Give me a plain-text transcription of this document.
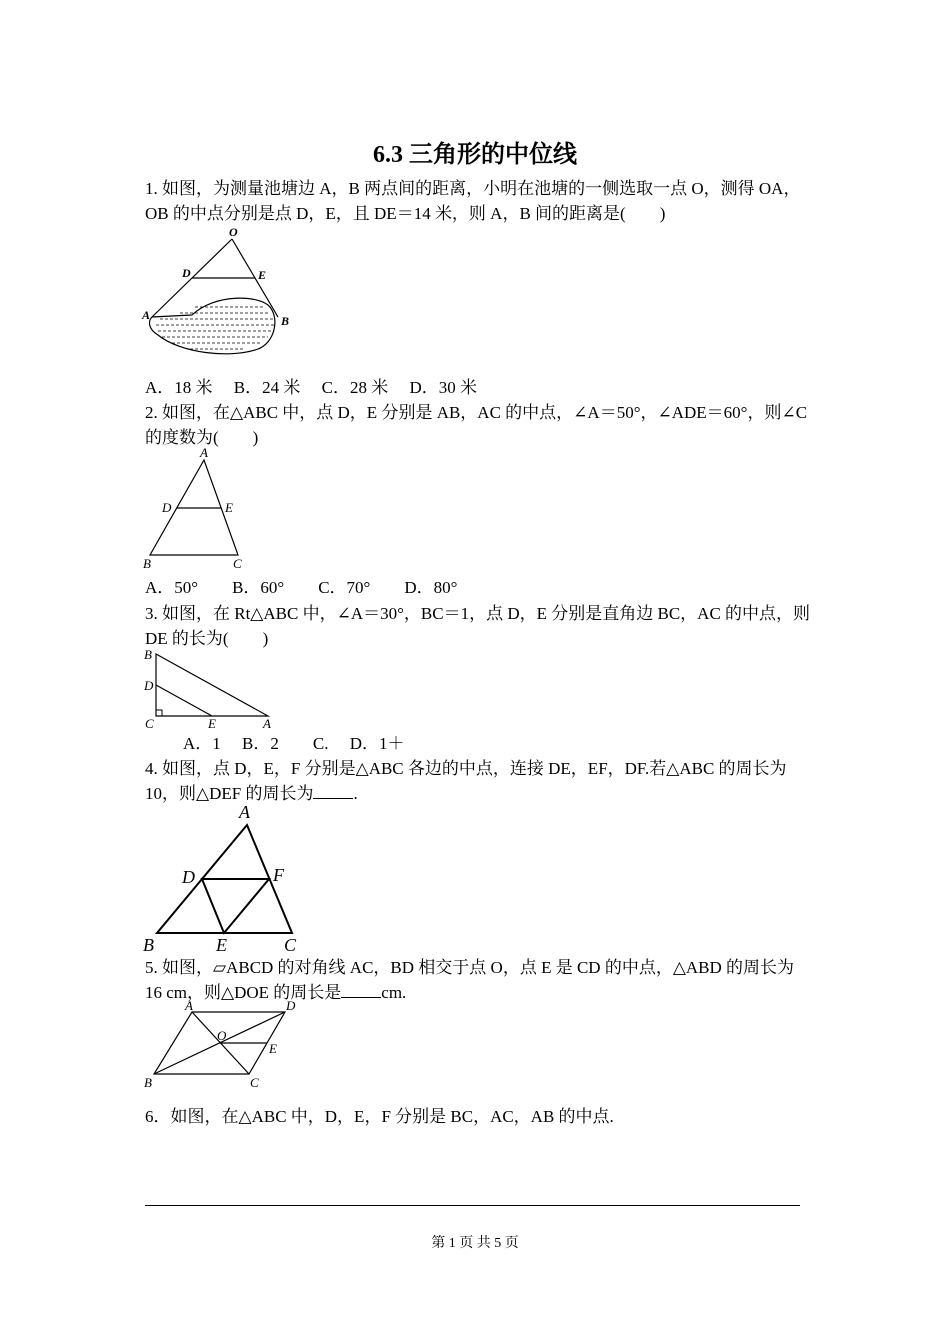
6.3 三角形的中位线
1. 如图，为测量池塘边 A，B 两点间的距离，小明在池塘的一侧选取一点 O，测得 OA，OB 的中点分别是点 D，E，且 DE＝14 米，则 A，B 间的距离是(　　)
O
D	E
A	B
A．18 米　 B．24 米　 C．28 米　 D．30 米
2. 如图，在△ABC 中，点 D，E 分别是 AB，AC 的中点，∠A＝50°，∠ADE＝60°，则∠C 的度数为(　　)
A
D	E
B	C
A．50°　　B．60°　　C．70°　　D．80°
3. 如图，在 Rt△ABC 中，∠A＝30°，BC＝1，点 D，E 分别是直角边 BC，AC 的中点，则 DE 的长为(　　)
B
D
C	E	A
A．1　 B．2　　C.　 D．1＋
4. 如图，点 D，E，F 分别是△ABC 各边的中点，连接 DE，EF，DF.若△ABC 的周长为 10，则△DEF 的周长为 .
A
D	F
B	E	C
5. 如图，▱ABCD 的对角线 AC，BD 相交于点 O，点 E 是 CD 的中点，△ABD 的周长为 16 cm，则△DOE 的周长是 cm.
A	D
O
E
B	C
6．如图，在△ABC 中，D，E，F 分别是 BC，AC，AB 的中点.
第 1 页 共 5 页
